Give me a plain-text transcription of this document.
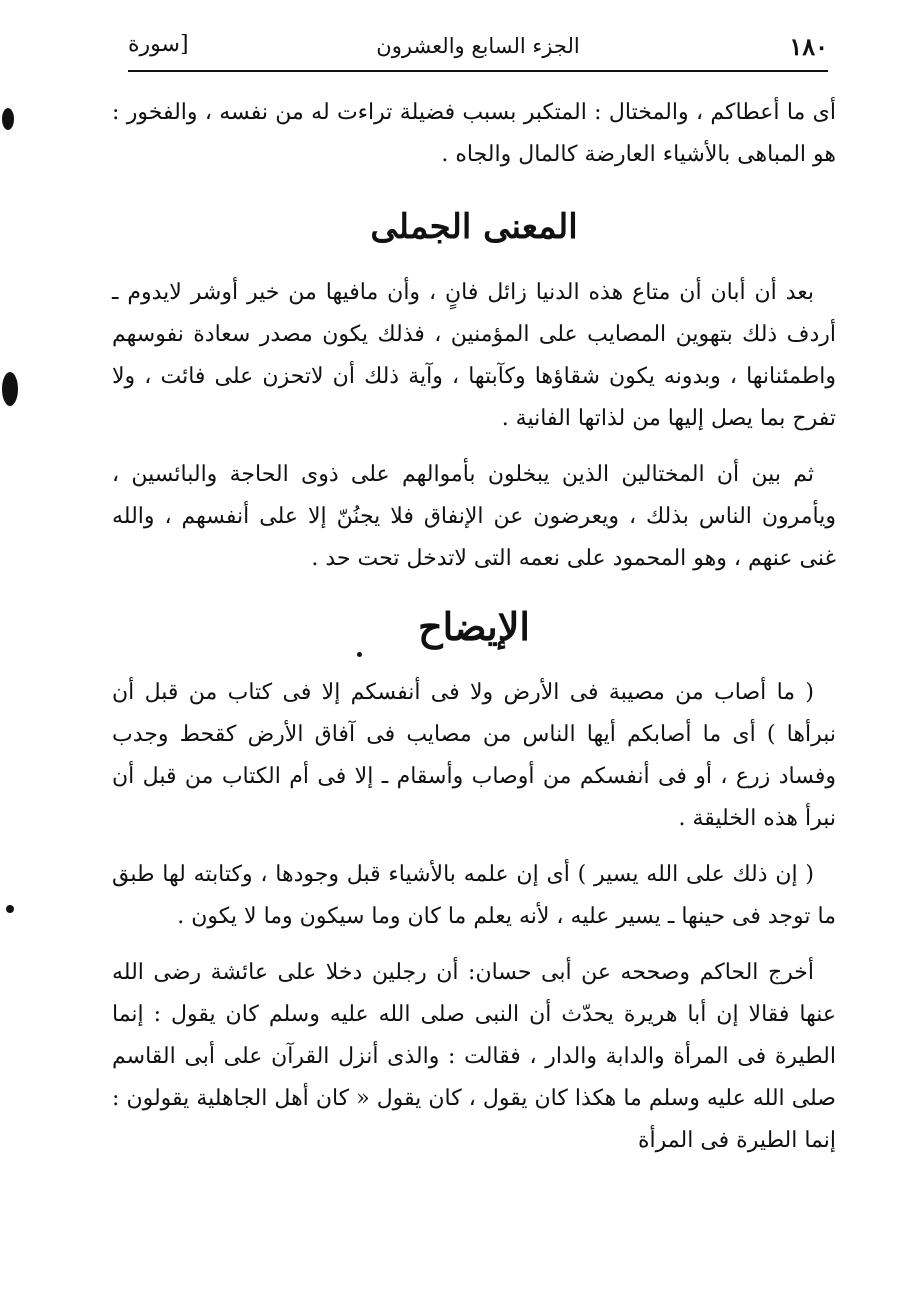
١٨٠
الجزء السابع والعشرون
[سورة

أى ما أعطاكم ، والمختال : المتكبر بسبب فضيلة تراءت له من نفسه ، والفخور : هو المباهى بالأشياء العارضة كالمال والجاه .

المعنى الجملى

بعد أن أبان أن متاع هذه الدنيا زائل فانٍ ، وأن مافيها من خير أوشر لايدوم ـ أردف ذلك بتهوين المصايب على المؤمنين ، فذلك يكون مصدر سعادة نفوسهم واطمئنانها ، وبدونه يكون شقاؤها وكآبتها ، وآية ذلك أن لاتحزن على فائت ، ولا تفرح بما يصل إليها من لذاتها الفانية .

ثم بين أن المختالين الذين يبخلون بأموالهم على ذوى الحاجة والبائسين ، ويأمرون الناس بذلك ، ويعرضون عن الإنفاق فلا يجنُنّ إلا على أنفسهم ، والله غنى عنهم ، وهو المحمود على نعمه التى لاتدخل تحت حد .

الإيضاح

( ما أصاب من مصيبة فى الأرض ولا فى أنفسكم إلا فى كتاب من قبل أن نبرأها ) أى ما أصابكم أيها الناس من مصايب فى آفاق الأرض كقحط وجدب وفساد زرع ، أو فى أنفسكم من أوصاب وأسقام ـ إلا فى أم الكتاب من قبل أن نبرأ هذه الخليقة .

( إن ذلك على الله يسير ) أى إن علمه بالأشياء قبل وجودها ، وكتابته لها طبق ما توجد فى حينها ـ يسير عليه ، لأنه يعلم ما كان وما سيكون وما لا يكون .

أخرج الحاكم وصححه عن أبى حسان: أن رجلين دخلا على عائشة رضى الله عنها فقالا إن أبا هريرة يحدّث أن النبى صلى الله عليه وسلم كان يقول : إنما الطيرة فى المرأة والدابة والدار ، فقالت : والذى أنزل القرآن على أبى القاسم صلى الله عليه وسلم ما هكذا كان يقول ، كان يقول « كان أهل الجاهلية يقولون : إنما الطيرة فى المرأة
